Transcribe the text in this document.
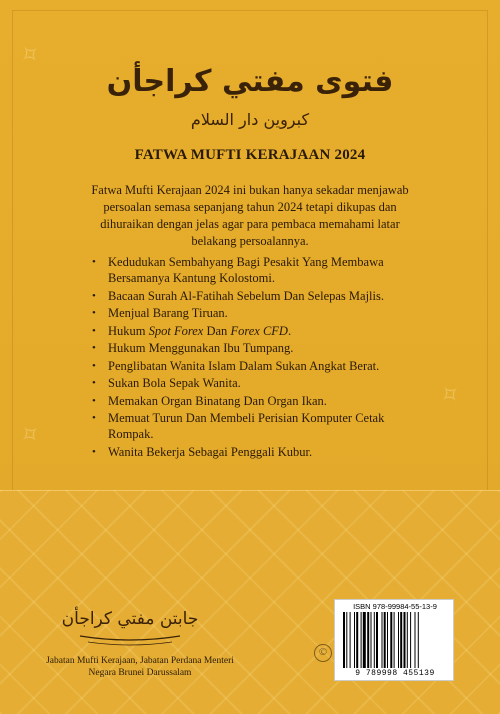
✧
✧
✧
فتوى مفتي كراجأن
كبروين دار السلام
FATWA MUFTI KERAJAAN 2024
Fatwa Mufti Kerajaan 2024 ini bukan hanya sekadar menjawab persoalan semasa sepanjang tahun 2024 tetapi dikupas dan dihuraikan dengan jelas agar para pembaca memahami latar belakang persoalannya.
• Kedudukan Sembahyang Bagi Pesakit Yang Membawa Bersamanya Kantung Kolostomi.
• Bacaan Surah Al-Fatihah Sebelum Dan Selepas Majlis.
• Menjual Barang Tiruan.
• Hukum Spot Forex Dan Forex CFD.
• Hukum Menggunakan Ibu Tumpang.
• Penglibatan Wanita Islam Dalam Sukan Angkat Berat.
• Sukan Bola Sepak Wanita.
• Memakan Organ Binatang Dan Organ Ikan.
• Memuat Turun Dan Membeli Perisian Komputer Cetak Rompak.
• Wanita Bekerja Sebagai Penggali Kubur.
جابتن مفتي كراجأن
Jabatan Mufti Kerajaan, Jabatan Perdana Menteri
Negara Brunei Darussalam
©
ISBN 978-99984-55-13-9
9 789998 455139
